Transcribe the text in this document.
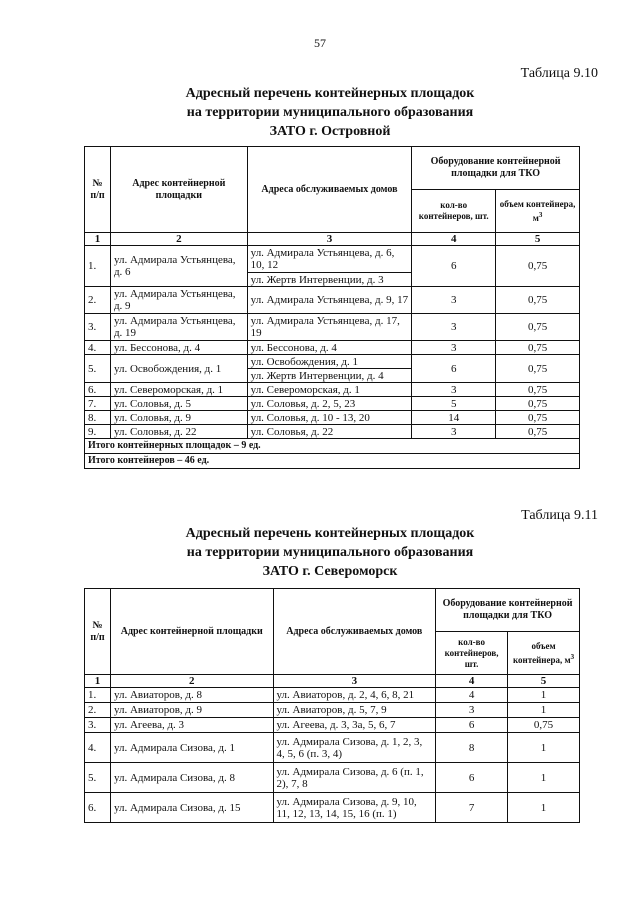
57
Таблица 9.10
Адресный перечень контейнерных площадок
на территории муниципального образования
ЗАТО г. Островной
№ п/п	Адрес контейнерной площадки	Адреса обслуживаемых домов	Оборудование контейнерной площадки для ТКО	
			кол-во контейнеров, шт.	объем контейнера, $м^3$
1	2	3	4	5
1.	ул. Адмирала Устьянцева, д. 6	ул. Адмирала Устьянцева, д. 6, 10, 12	6	0,75
		ул. Жертв Интервенции, д. 3		
2.	ул. Адмирала Устьянцева, д. 9	ул. Адмирала Устьянцева, д. 9, 17	3	0,75
3.	ул. Адмирала Устьянцева, д. 19	ул. Адмирала Устьянцева, д. 17, 19	3	0,75
4.	ул. Бессонова, д. 4	ул. Бессонова, д. 4	3	0,75
5.	ул. Освобождения, д. 1	ул. Освобождения, д. 1	6	0,75
		ул. Жертв Интервенции, д. 4		
6.	ул. Североморская, д. 1	ул. Североморская, д. 1	3	0,75
7.	ул. Соловья, д. 5	ул. Соловья, д. 2, 5, 23	5	0,75
8.	ул. Соловья, д. 9	ул. Соловья, д. 10 - 13, 20	14	0,75
9.	ул. Соловья, д. 22	ул. Соловья, д. 22	3	0,75
Итого контейнерных площадок – 9 ед.				
Итого контейнеров – 46 ед.				
Таблица 9.11
Адресный перечень контейнерных площадок
на территории муниципального образования
ЗАТО г. Североморск
№ п/п	Адрес контейнерной площадки	Адреса обслуживаемых домов	Оборудование контейнерной площадки для ТКО	
			кол-во контейнеров, шт.	объем контейнера, $м^3$
1	2	3	4	5
1.	ул. Авиаторов, д. 8	ул. Авиаторов, д. 2, 4, 6, 8, 21	4	1
2.	ул. Авиаторов, д. 9	ул. Авиаторов, д. 5, 7, 9	3	1
3.	ул. Агеева, д. 3	ул. Агеева, д. 3, 3а, 5, 6, 7	6	0,75
4.	ул. Адмирала Сизова, д. 1	ул. Адмирала Сизова, д. 1, 2, 3, 4, 5, 6 (п. 3, 4)	8	1
5.	ул. Адмирала Сизова, д. 8	ул. Адмирала Сизова, д. 6 (п. 1, 2), 7, 8	6	1
6.	ул. Адмирала Сизова, д. 15	ул. Адмирала Сизова, д. 9, 10, 11, 12, 13, 14, 15, 16 (п. 1)	7	1
